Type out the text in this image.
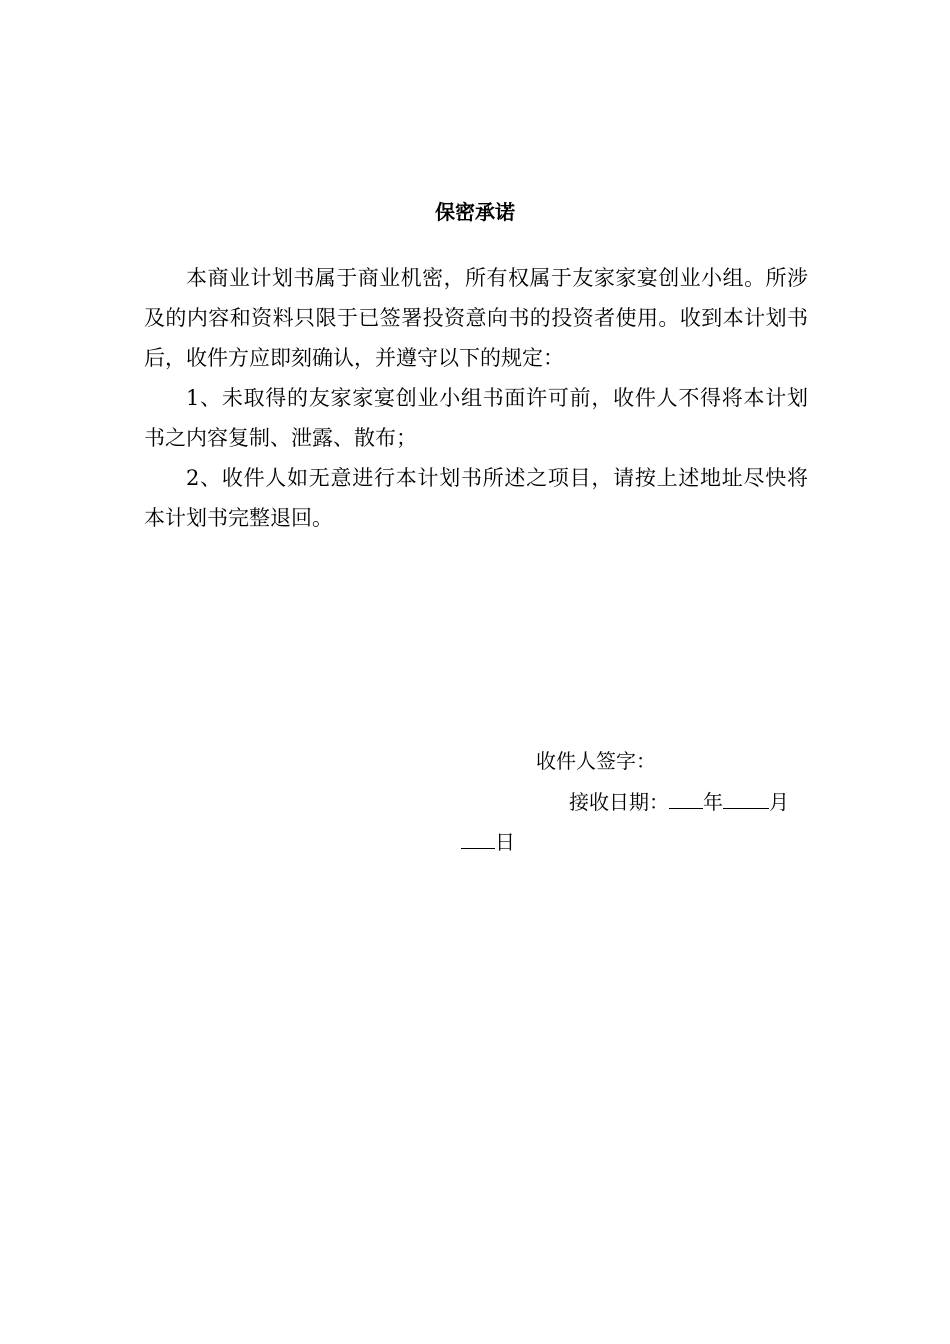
保密承诺

本商业计划书属于商业机密，所有权属于友家家宴创业小组。所涉及的内容和资料只限于已签署投资意向书的投资者使用。收到本计划书后，收件方应即刻确认，并遵守以下的规定：

1、未取得的友家家宴创业小组书面许可前，收件人不得将本计划书之内容复制、泄露、散布；

2、收件人如无意进行本计划书所述之项目，请按上述地址尽快将本计划书完整退回。

收件人签字：
接收日期： 年 月
日
